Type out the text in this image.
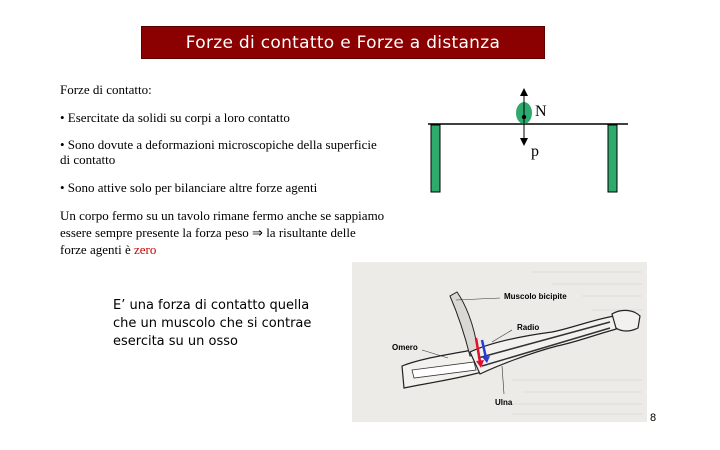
Forze di contatto e Forze a distanza
Forze di contatto:
• Esercitate da solidi su corpi a loro contatto
• Sono dovute a deformazioni microscopiche della superficie
di contatto
• Sono attive solo per bilanciare altre forze agenti
Un corpo fermo su un tavolo rimane fermo anche se sappiamo
essere sempre presente la forza peso ⇒ la risultante delle
forze agenti è zero
N
p
Muscolo bicipite
Radio
Omero
Ulna
E’ una forza di contatto quella
che un muscolo che si contrae
esercita su un osso
8
